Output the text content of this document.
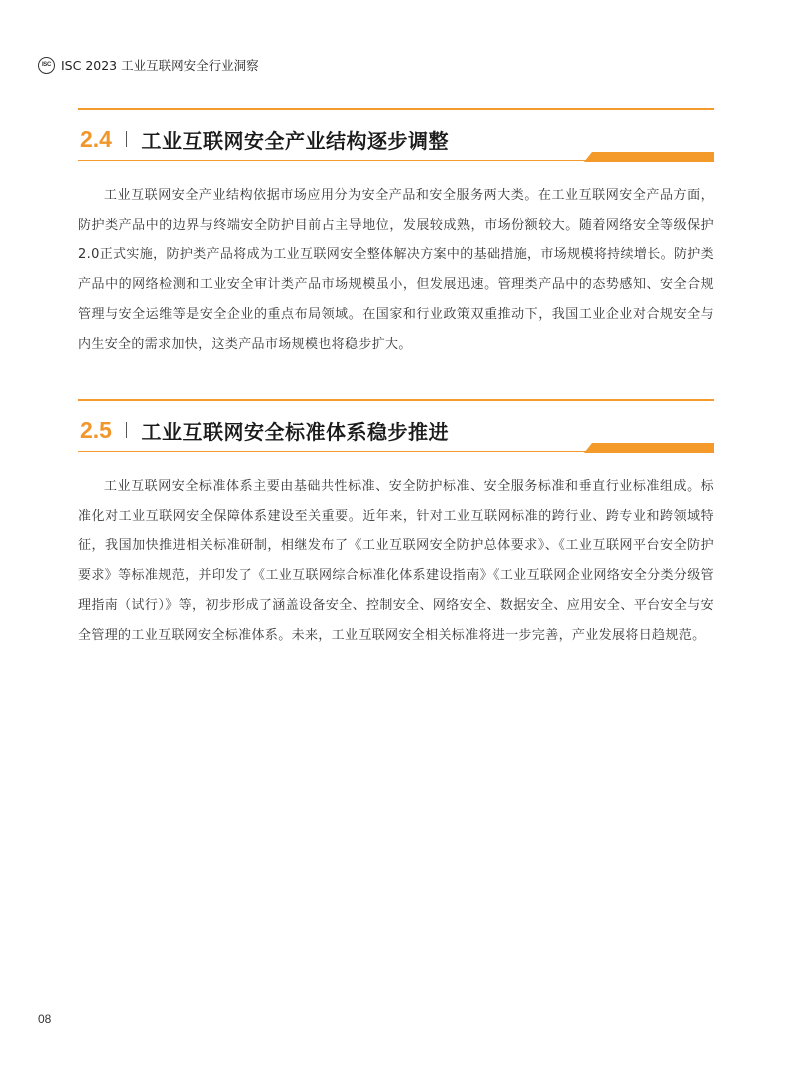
ISC ISC 2023 工业互联网安全行业洞察
2.4 工业互联网安全产业结构逐步调整

工业互联网安全产业结构依据市场应用分为安全产品和安全服务两大类。在工业互联网安全产品方面，防护类产品中的边界与终端安全防护目前占主导地位，发展较成熟，市场份额较大。随着网络安全等级保护2.0正式实施，防护类产品将成为工业互联网安全整体解决方案中的基础措施，市场规模将持续增长。防护类产品中的网络检测和工业安全审计类产品市场规模虽小，但发展迅速。管理类产品中的态势感知、安全合规管理与安全运维等是安全企业的重点布局领域。在国家和行业政策双重推动下，我国工业企业对合规安全与内生安全的需求加快，这类产品市场规模也将稳步扩大。

2.5 工业互联网安全标准体系稳步推进

工业互联网安全标准体系主要由基础共性标准、安全防护标准、安全服务标准和垂直行业标准组成。标准化对工业互联网安全保障体系建设至关重要。近年来，针对工业互联网标准的跨行业、跨专业和跨领域特征，我国加快推进相关标准研制，相继发布了《工业互联网安全防护总体要求》、《工业互联网平台安全防护要求》等标准规范，并印发了《工业互联网综合标准化体系建设指南》《工业互联网企业网络安全分类分级管理指南（试行）》等，初步形成了涵盖设备安全、控制安全、网络安全、数据安全、应用安全、平台安全与安全管理的工业互联网安全标准体系。未来，工业互联网安全相关标准将进一步完善，产业发展将日趋规范。

08
